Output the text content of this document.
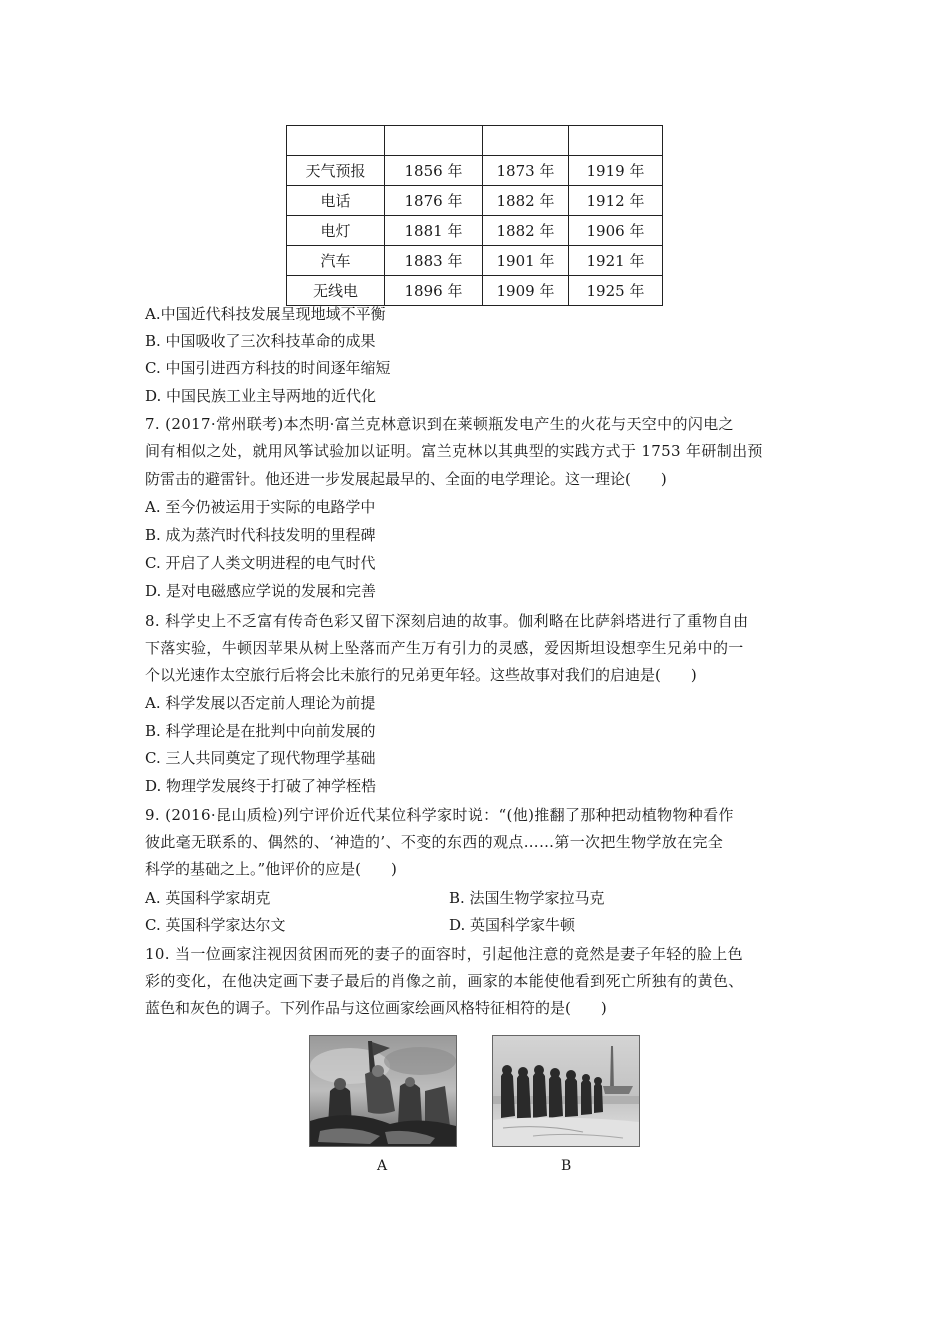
天气预报	1856 年	1873 年	1919 年
电话	1876 年	1882 年	1912 年
电灯	1881 年	1882 年	1906 年
汽车	1883 年	1901 年	1921 年
无线电	1896 年	1909 年	1925 年
A.中国近代科技发展呈现地域不平衡
B. 中国吸收了三次科技革命的成果
C. 中国引进西方科技的时间逐年缩短
D. 中国民族工业主导两地的近代化
7. (2017·常州联考)本杰明·富兰克林意识到在莱顿瓶发电产生的火花与天空中的闪电之
间有相似之处，就用风筝试验加以证明。富兰克林以其典型的实践方式于 1753 年研制出预
防雷击的避雷针。他还进一步发展起最早的、全面的电学理论。这一理论(　　)
A. 至今仍被运用于实际的电路学中
B. 成为蒸汽时代科技发明的里程碑
C. 开启了人类文明进程的电气时代
D. 是对电磁感应学说的发展和完善
8. 科学史上不乏富有传奇色彩又留下深刻启迪的故事。伽利略在比萨斜塔进行了重物自由
下落实验，牛顿因苹果从树上坠落而产生万有引力的灵感，爱因斯坦设想孪生兄弟中的一
个以光速作太空旅行后将会比未旅行的兄弟更年轻。这些故事对我们的启迪是(　　)
A. 科学发展以否定前人理论为前提
B. 科学理论是在批判中向前发展的
C. 三人共同奠定了现代物理学基础
D. 物理学发展终于打破了神学桎梏
9. (2016·昆山质检)列宁评价近代某位科学家时说：“(他)推翻了那种把动植物物种看作
彼此毫无联系的、偶然的、‘神造的’、不变的东西的观点……第一次把生物学放在完全
科学的基础之上。”他评价的应是(　　)
A. 英国科学家胡克	B. 法国生物学家拉马克
C. 英国科学家达尔文	D. 英国科学家牛顿
10. 当一位画家注视因贫困而死的妻子的面容时，引起他注意的竟然是妻子年轻的脸上色
彩的变化，在他决定画下妻子最后的肖像之前，画家的本能使他看到死亡所独有的黄色、
蓝色和灰色的调子。下列作品与这位画家绘画风格特征相符的是(　　)
A	B
